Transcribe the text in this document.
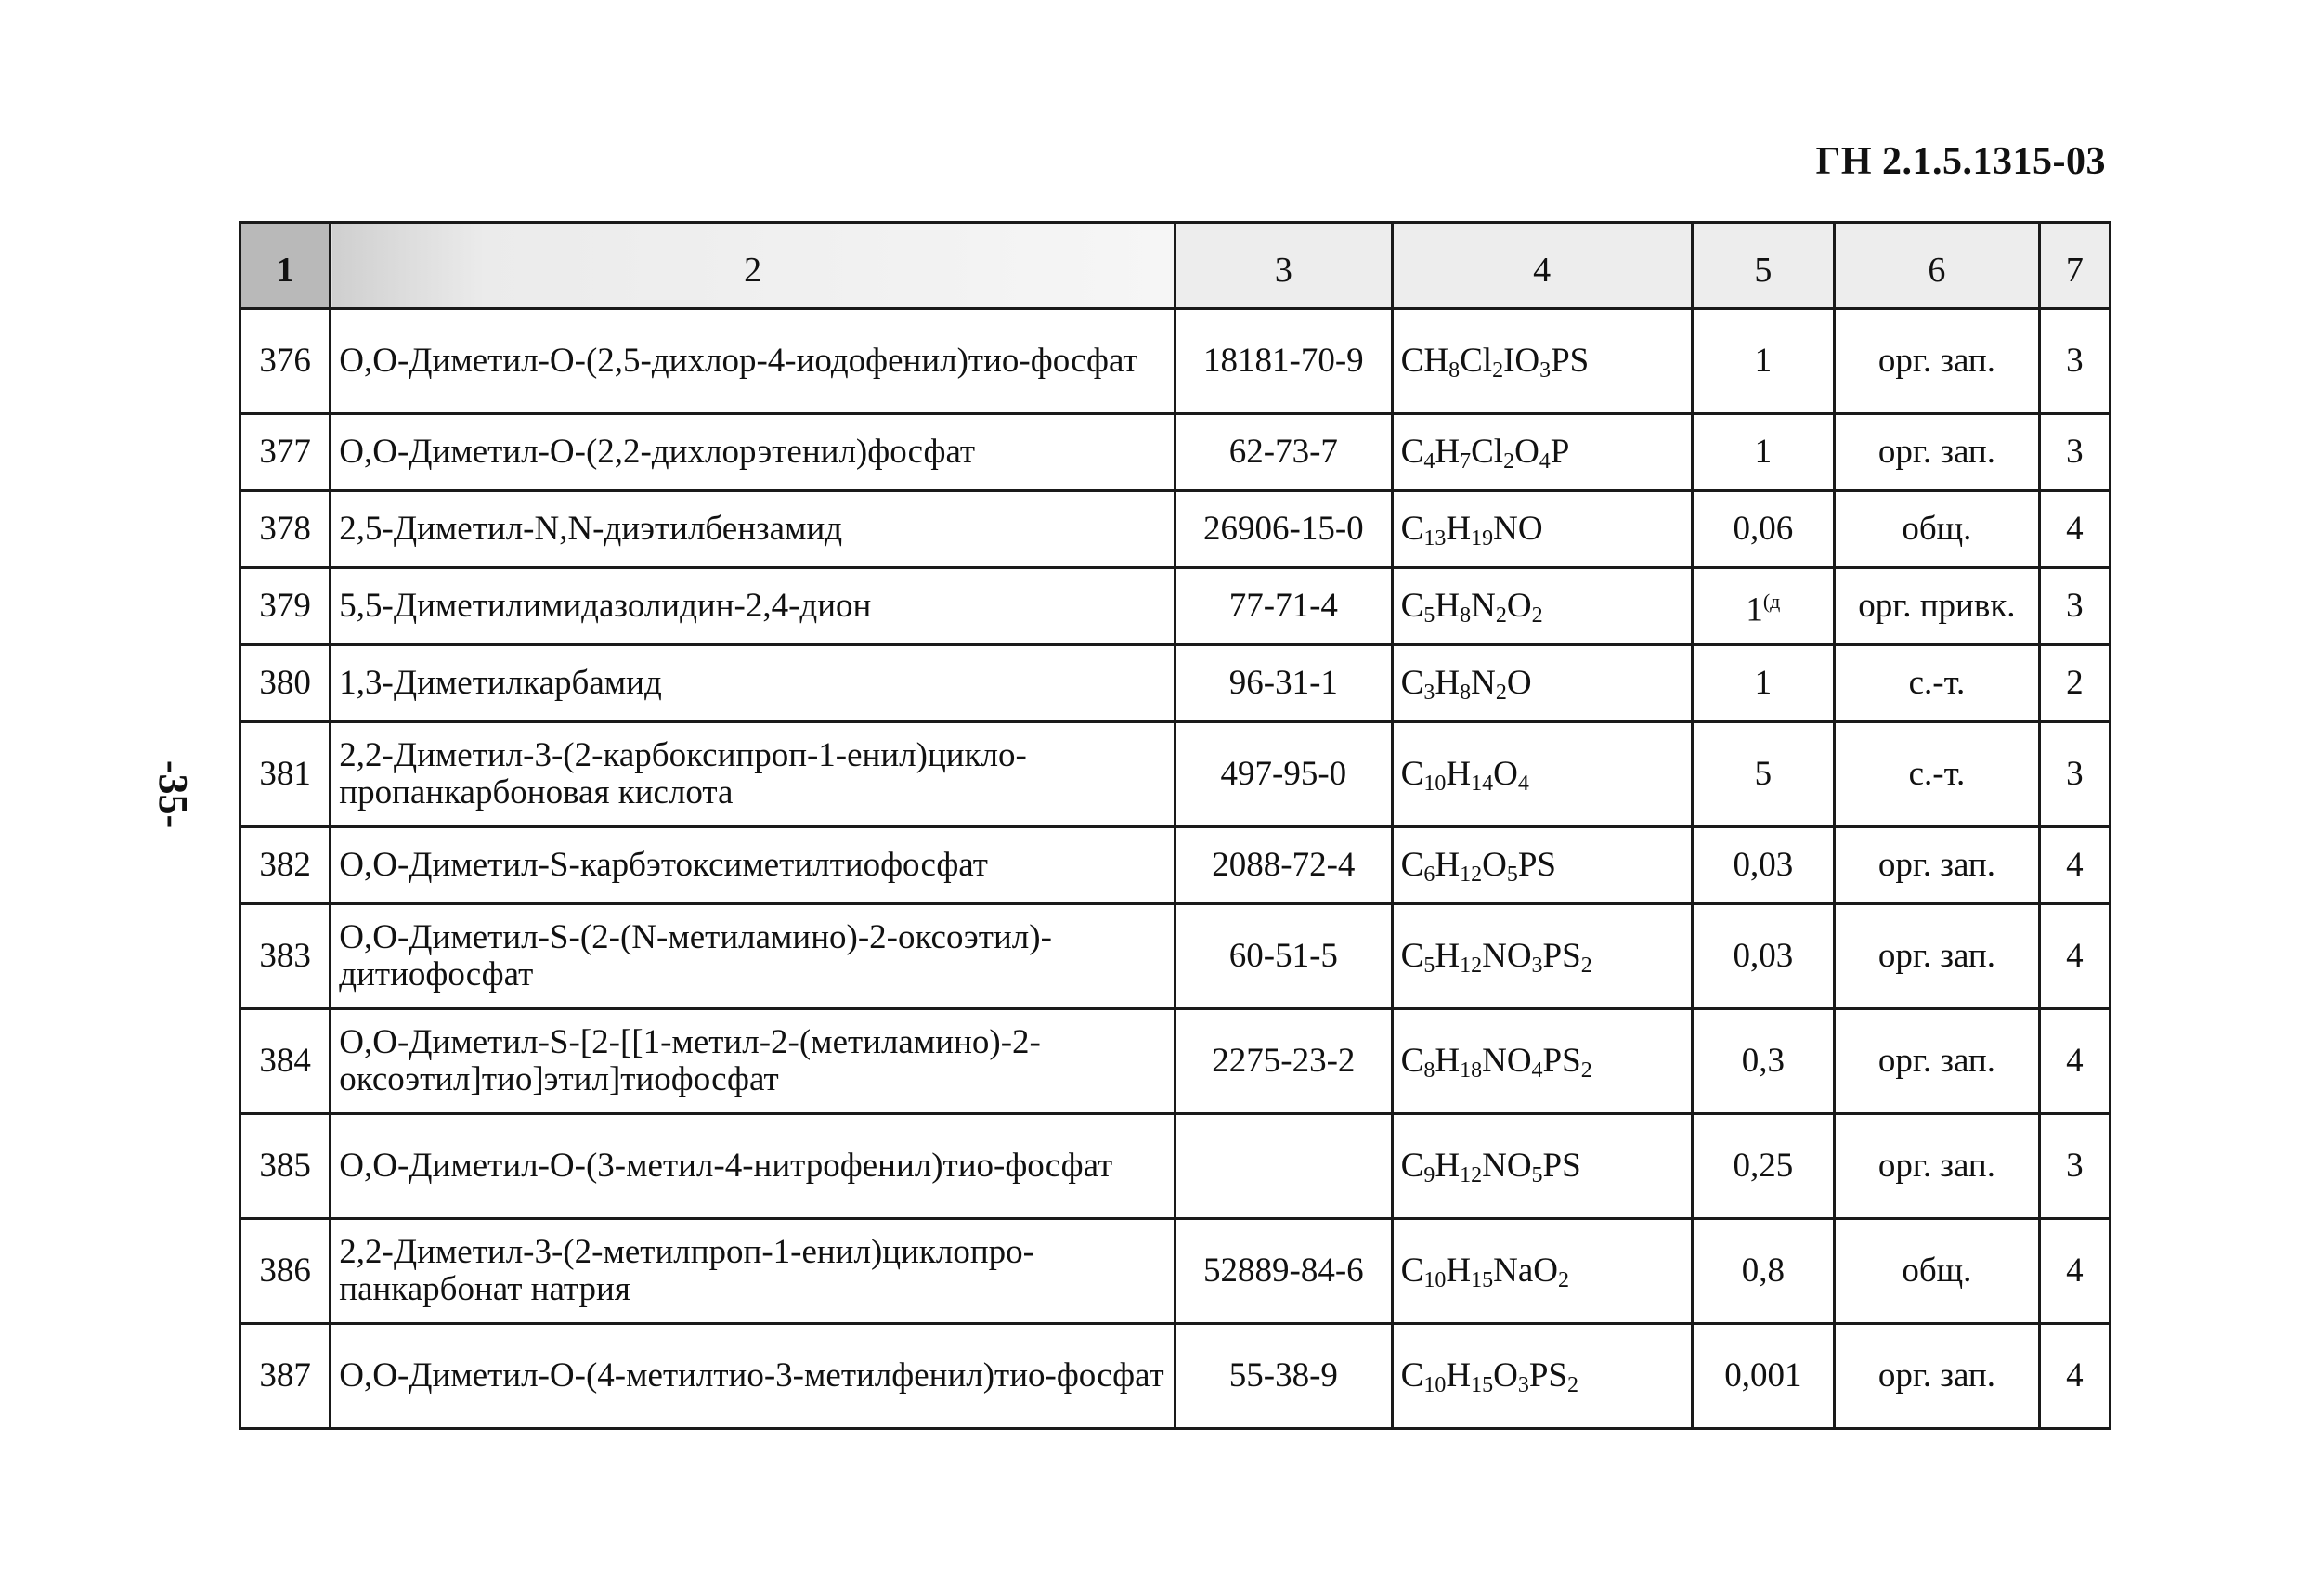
ГН 2.1.5.1315-03
-35-
1	2	3	4	5	6	7
376	О,О-Диметил-О-(2,5-дихлор-4-иодофенил)тио-фосфат	18181-70-9	$CH_8Cl_2IO_3PS$	1	орг. зап.	3
377	О,О-Диметил-О-(2,2-дихлорэтенил)фосфат	62-73-7	$C_4H_7Cl_2O_4P$	1	орг. зап.	3
378	2,5-Диметил-N,N-диэтилбензамид	26906-15-0	$C_{13}H_{19}NO$	0,06	общ.	4
379	5,5-Диметилимидазолидин-2,4-дион	77-71-4	$C_5H_8N_2O_2$	$1^{(д}$	орг. привк.	3
380	1,3-Диметилкарбамид	96-31-1	$C_3H_8N_2O$	1	с.-т.	2
381	2,2-Диметил-3-(2-карбоксипроп-1-енил)цикло-пропанкарбоновая кислота	497-95-0	$C_{10}H_{14}O_4$	5	с.-т.	3
382	О,О-Диметил-S-карбэтоксиметилтиофосфат	2088-72-4	$C_6H_{12}O_5PS$	0,03	орг. зап.	4
383	О,О-Диметил-S-(2-(N-метиламино)-2-оксоэтил)-дитиофосфат	60-51-5	$C_5H_{12}NO_3PS_2$	0,03	орг. зап.	4
384	О,О-Диметил-S-[2-[[1-метил-2-(метиламино)-2-оксоэтил]тио]этил]тиофосфат	2275-23-2	$C_8H_{18}NO_4PS_2$	0,3	орг. зап.	4
385	О,О-Диметил-О-(3-метил-4-нитрофенил)тио-фосфат		$C_9H_{12}NO_5PS$	0,25	орг. зап.	3
386	2,2-Диметил-3-(2-метилпроп-1-енил)циклопро-панкарбонат натрия	52889-84-6	$C_{10}H_{15}NaO_2$	0,8	общ.	4
387	О,О-Диметил-О-(4-метилтио-3-метилфенил)тио-фосфат	55-38-9	$C_{10}H_{15}O_3PS_2$	0,001	орг. зап.	4
